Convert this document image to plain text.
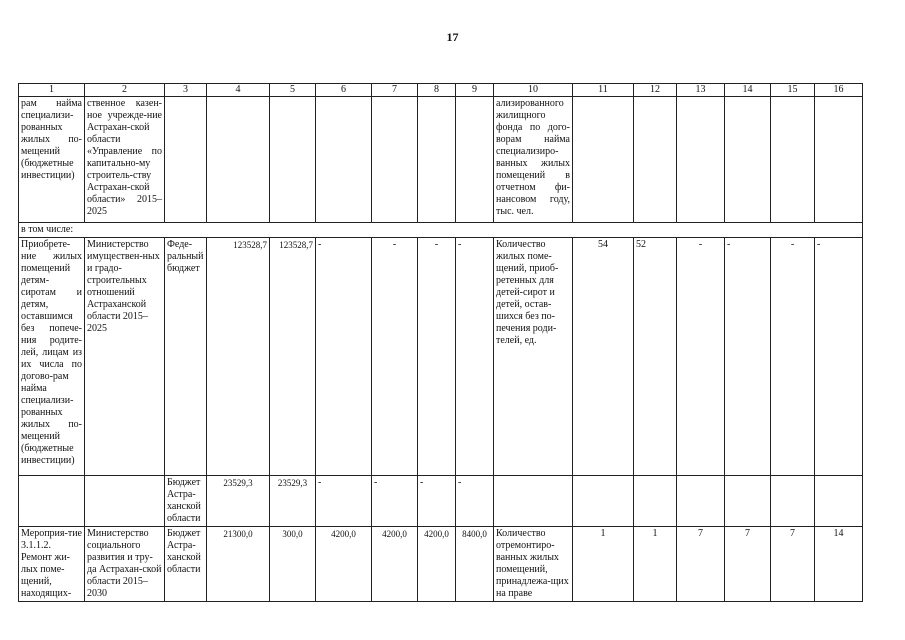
17
1	2	3	4	5	6	7	8	9	10	11	12	13	14	15	16
рам найма специализи-рованных жилых по-мещений (бюджетные инвестиции)	ственное казен-ное учрежде-ние Астрахан-ской области «Управление по капитально-му строитель-ству Астрахан-ской области» 2015–2025								ализированного жилищного фонда по дого-ворам найма специализиро-ванных жилых помещений в отчетном фи-нансовом году, тыс. чел.						
в том числе:															
Приобрете-ние жилых помещений детям-сиротам и детям, оставшимся без попече-ния родите-лей, лицам из их числа по догово-рам найма специализи-рованных жилых по-мещений (бюджетные инвестиции)	Министерство имуществен-ных и градо-строительных отношений Астраханской области 2015–2025	Феде-ральный бюджет	123528,7	123528,7	-	-	-	-	Количество жилых поме-щений, приоб-ретенных для детей-сирот и детей, остав-шихся без по-печения роди-телей, ед.	54	52	-	-	-	-
		Бюджет Астра-ханской области	23529,3	23529,3	-	-	-	-							
Мероприя-тие 3.1.1.2. Ремонт жи-лых поме-щений, находящих-	Министерство социального развития и тру-да Астрахан-ской области 2015–2030	Бюджет Астра-ханской области	21300,0	300,0	4200,0	4200,0	4200,0	8400,0	Количество отремонтиро-ванных жилых помещений, принадлежа-щих на праве	1	1	7	7	7	14
